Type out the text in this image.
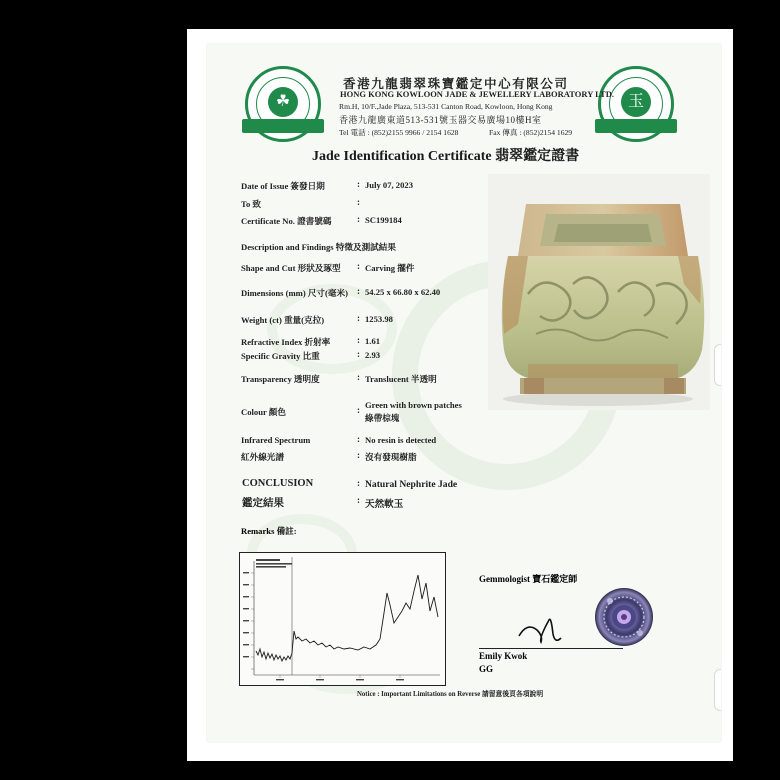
☘	玉
香港九龍翡翠珠寶鑑定中心有限公司
HONG KONG KOWLOON JADE & JEWELLERY LABORATORY LTD.
Rm.H, 10/F.,Jade Plaza, 513-531 Canton Road, Kowloon, Hong Kong
香港九龍廣東道513-531號玉器交易廣場10樓H室
Tel 電話 : (852)2155 9966 / 2154 1628	Fax 傳真 : (852)2154 1629
Jade Identification Certificate 翡翠鑑定證書
Date of Issue 簽發日期	: July 07, 2023
To 致	:
Certificate No. 證書號碼	: SC199184
Description and Findings 特徵及測試結果
Shape and Cut 形狀及琢型 : Carving 擺件
Dimensions (mm) 尺寸(毫米) : 54.25 x 66.80 x 62.40
Weight (ct) 重量(克拉)	: 1253.98
Refractive Index 折射率	: 1.61
Specific Gravity 比重	: 2.93
Transparency 透明度	: Translucent 半透明
Colour 顏色	: Green with brown patches
綠帶棕塊
Infrared Spectrum	: No resin is detected
紅外線光譜	: 沒有發現樹脂
CONCLUSION	: Natural Nephrite Jade
鑑定結果	: 天然軟玉
Remarks 備註:
Gemmologist 寶石鑑定師
Emily Kwok
GG
Notice : Important Limitations on Reverse 請留意後頁各項說明
